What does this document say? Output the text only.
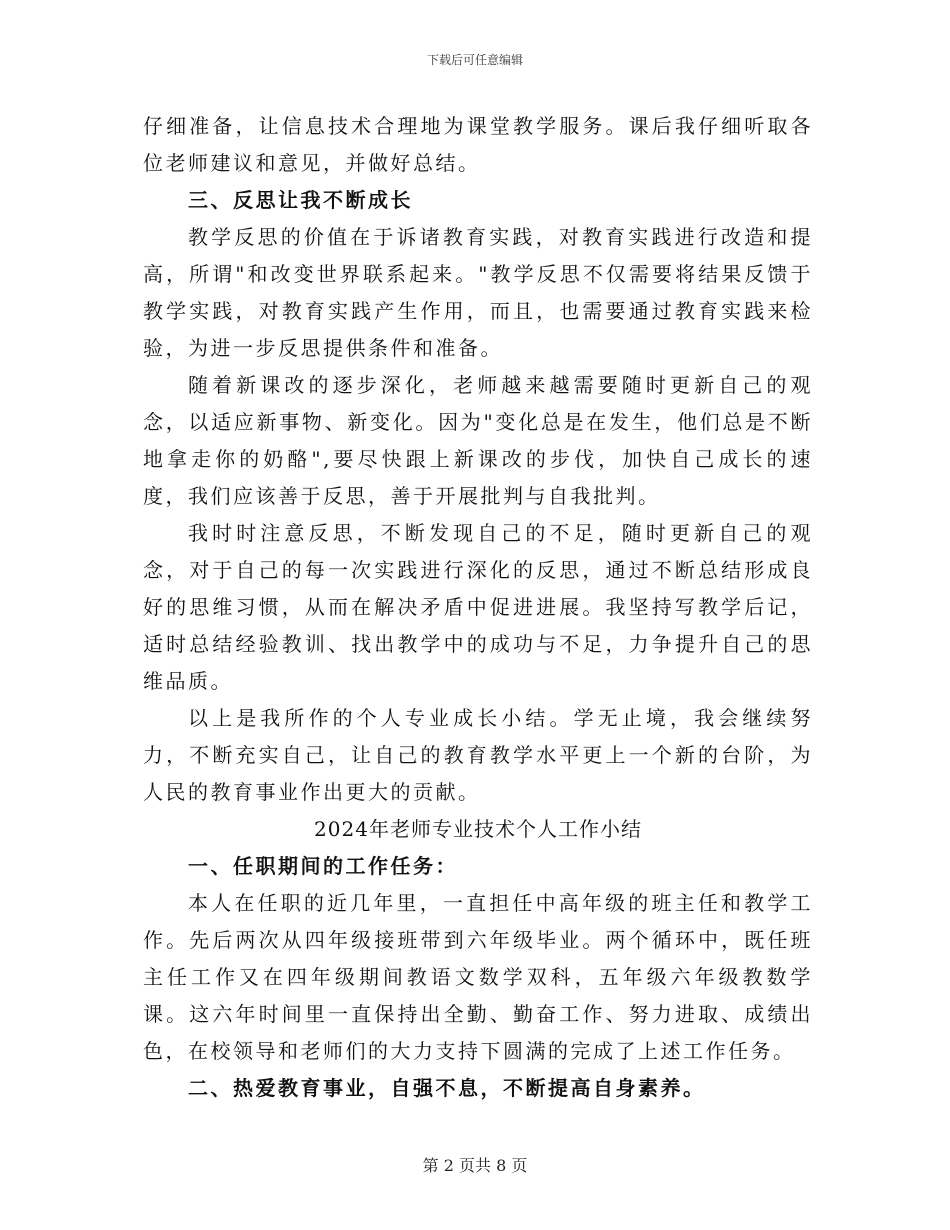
下载后可任意编辑

仔细准备，让信息技术合理地为课堂教学服务。课后我仔细听取各位老师建议和意见，并做好总结。

三、反思让我不断成长

教学反思的价值在于诉诸教育实践，对教育实践进行改造和提高，所谓"和改变世界联系起来。"教学反思不仅需要将结果反馈于教学实践，对教育实践产生作用，而且，也需要通过教育实践来检验，为进一步反思提供条件和准备。

随着新课改的逐步深化，老师越来越需要随时更新自己的观念，以适应新事物、新变化。因为"变化总是在发生，他们总是不断地拿走你的奶酪",要尽快跟上新课改的步伐，加快自己成长的速度，我们应该善于反思，善于开展批判与自我批判。

我时时注意反思，不断发现自己的不足，随时更新自己的观念，对于自己的每一次实践进行深化的反思，通过不断总结形成良好的思维习惯，从而在解决矛盾中促进进展。我坚持写教学后记，适时总结经验教训、找出教学中的成功与不足，力争提升自己的思维品质。

以上是我所作的个人专业成长小结。学无止境，我会继续努力，不断充实自己，让自己的教育教学水平更上一个新的台阶，为人民的教育事业作出更大的贡献。

2024年老师专业技术个人工作小结

一、任职期间的工作任务：

本人在任职的近几年里，一直担任中高年级的班主任和教学工作。先后两次从四年级接班带到六年级毕业。两个循环中，既任班主任工作又在四年级期间教语文数学双科，五年级六年级教数学课。这六年时间里一直保持出全勤、勤奋工作、努力进取、成绩出色，在校领导和老师们的大力支持下圆满的完成了上述工作任务。

二、热爱教育事业，自强不息，不断提高自身素养。

第 2 页共 8 页
